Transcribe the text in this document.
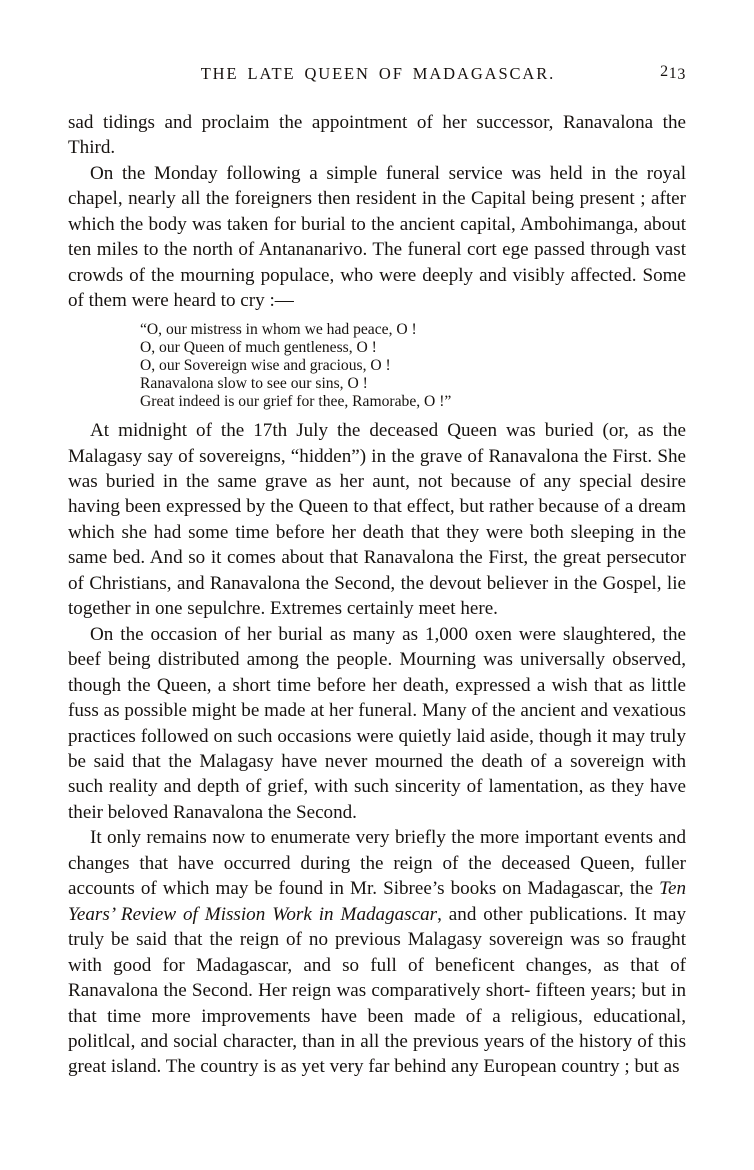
THE LATE QUEEN OF MADAGASCAR.	213

sad tidings and proclaim the appointment of her successor, Ranavalona the Third.

On the Monday following a simple funeral service was held in the royal chapel, nearly all the foreigners then resident in the Capital being present ; after which the body was taken for burial to the ancient capital, Ambohimanga, about ten miles to the north of Antananarivo. The funeral cort ege passed through vast crowds of the mourning populace, who were deeply and visibly affected. Some of them were heard to cry :—

“O, our mistress in whom we had peace, O !
O, our Queen of much gentleness, O !
O, our Sovereign wise and gracious, O !
Ranavalona slow to see our sins, O !
Great indeed is our grief for thee, Ramorabe, O !”

At midnight of the 17th July the deceased Queen was buried (or, as the Malagasy say of sovereigns, “hidden”) in the grave of Ranavalona the First. She was buried in the same grave as her aunt, not because of any special desire having been expressed by the Queen to that effect, but rather because of a dream which she had some time before her death that they were both sleeping in the same bed. And so it comes about that Ranavalona the First, the great persecutor of Christians, and Ranavalona the Second, the devout believer in the Gospel, lie together in one sepulchre. Extremes certainly meet here.

On the occasion of her burial as many as 1,000 oxen were slaughtered, the beef being distributed among the people. Mourning was universally observed, though the Queen, a short time before her death, expressed a wish that as little fuss as possible might be made at her funeral. Many of the ancient and vexatious practices followed on such occasions were quietly laid aside, though it may truly be said that the Malagasy have never mourned the death of a sovereign with such reality and depth of grief, with such sincerity of lamentation, as they have their beloved Ranavalona the Second.

It only remains now to enumerate very briefly the more important events and changes that have occurred during the reign of the deceased Queen, fuller accounts of which may be found in Mr. Sibree’s books on Madagascar, the Ten Years’ Review of Mission Work in Madagascar, and other publications. It may truly be said that the reign of no previous Malagasy sovereign was so fraught with good for Madagascar, and so full of beneficent changes, as that of Ranavalona the Second. Her reign was comparatively short- fifteen years; but in that time more improvements have been made of a religious, educational, politlcal, and social character, than in all the previous years of the history of this great island. The country is as yet very far behind any European country ; but as
